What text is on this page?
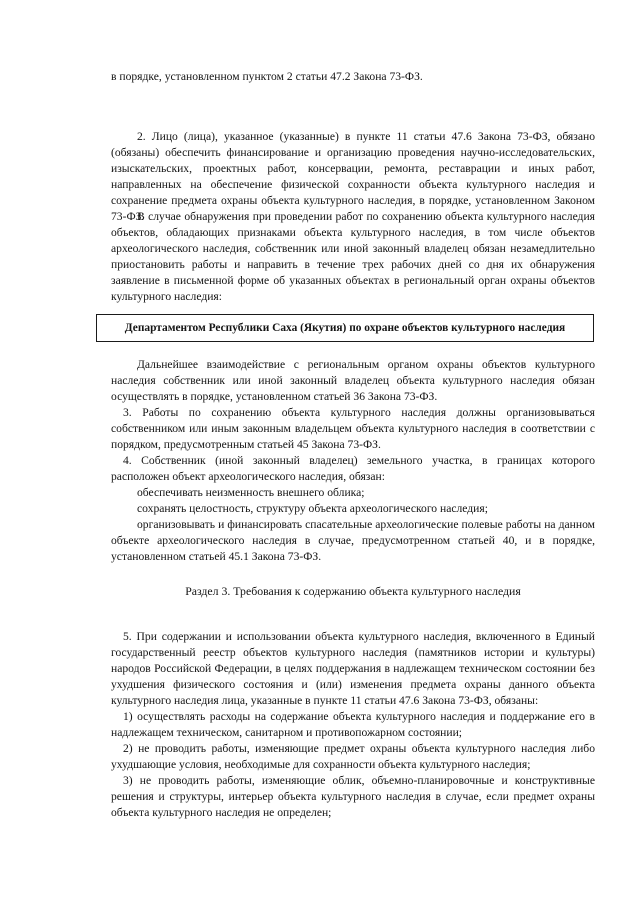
в порядке, установленном пунктом 2 статьи 47.2 Закона 73-ФЗ.

2. Лицо (лица), указанное (указанные) в пункте 11 статьи 47.6 Закона 73-ФЗ, обязано (обязаны) обеспечить финансирование и организацию проведения научно-исследовательских, изыскательских, проектных работ, консервации, ремонта, реставрации и иных работ, направленных на обеспечение физической сохранности объекта культурного наследия и сохранение предмета охраны объекта культурного наследия, в порядке, установленном Законом 73-ФЗ.

В случае обнаружения при проведении работ по сохранению объекта культурного наследия объектов, обладающих признаками объекта культурного наследия, в том числе объектов археологического наследия, собственник или иной законный владелец обязан незамедлительно приостановить работы и направить в течение трех рабочих дней со дня их обнаружения заявление в письменной форме об указанных объектах в региональный орган охраны объектов культурного наследия:

Департаментом Республики Саха (Якутия) по охране объектов культурного наследия

Дальнейшее взаимодействие с региональным органом охраны объектов культурного наследия собственник или иной законный владелец объекта культурного наследия обязан осуществлять в порядке, установленном статьей 36 Закона 73-ФЗ.

3. Работы по сохранению объекта культурного наследия должны организовываться собственником или иным законным владельцем объекта культурного наследия в соответствии с порядком, предусмотренным статьей 45 Закона 73-ФЗ.

4. Собственник (иной законный владелец) земельного участка, в границах которого расположен объект археологического наследия, обязан:

обеспечивать неизменность внешнего облика;

сохранять целостность, структуру объекта археологического наследия;

организовывать и финансировать спасательные археологические полевые работы на данном объекте археологического наследия в случае, предусмотренном статьей 40, и в порядке, установленном статьей 45.1 Закона 73-ФЗ.

Раздел 3. Требования к содержанию объекта культурного наследия

5. При содержании и использовании объекта культурного наследия, включенного в Единый государственный реестр объектов культурного наследия (памятников истории и культуры) народов Российской Федерации, в целях поддержания в надлежащем техническом состоянии без ухудшения физического состояния и (или) изменения предмета охраны данного объекта культурного наследия лица, указанные в пункте 11 статьи 47.6 Закона 73-ФЗ, обязаны:

1) осуществлять расходы на содержание объекта культурного наследия и поддержание его в надлежащем техническом, санитарном и противопожарном состоянии;

2) не проводить работы, изменяющие предмет охраны объекта культурного наследия либо ухудшающие условия, необходимые для сохранности объекта культурного наследия;

3) не проводить работы, изменяющие облик, объемно-планировочные и конструктивные решения и структуры, интерьер объекта культурного наследия в случае, если предмет охраны объекта культурного наследия не определен;
